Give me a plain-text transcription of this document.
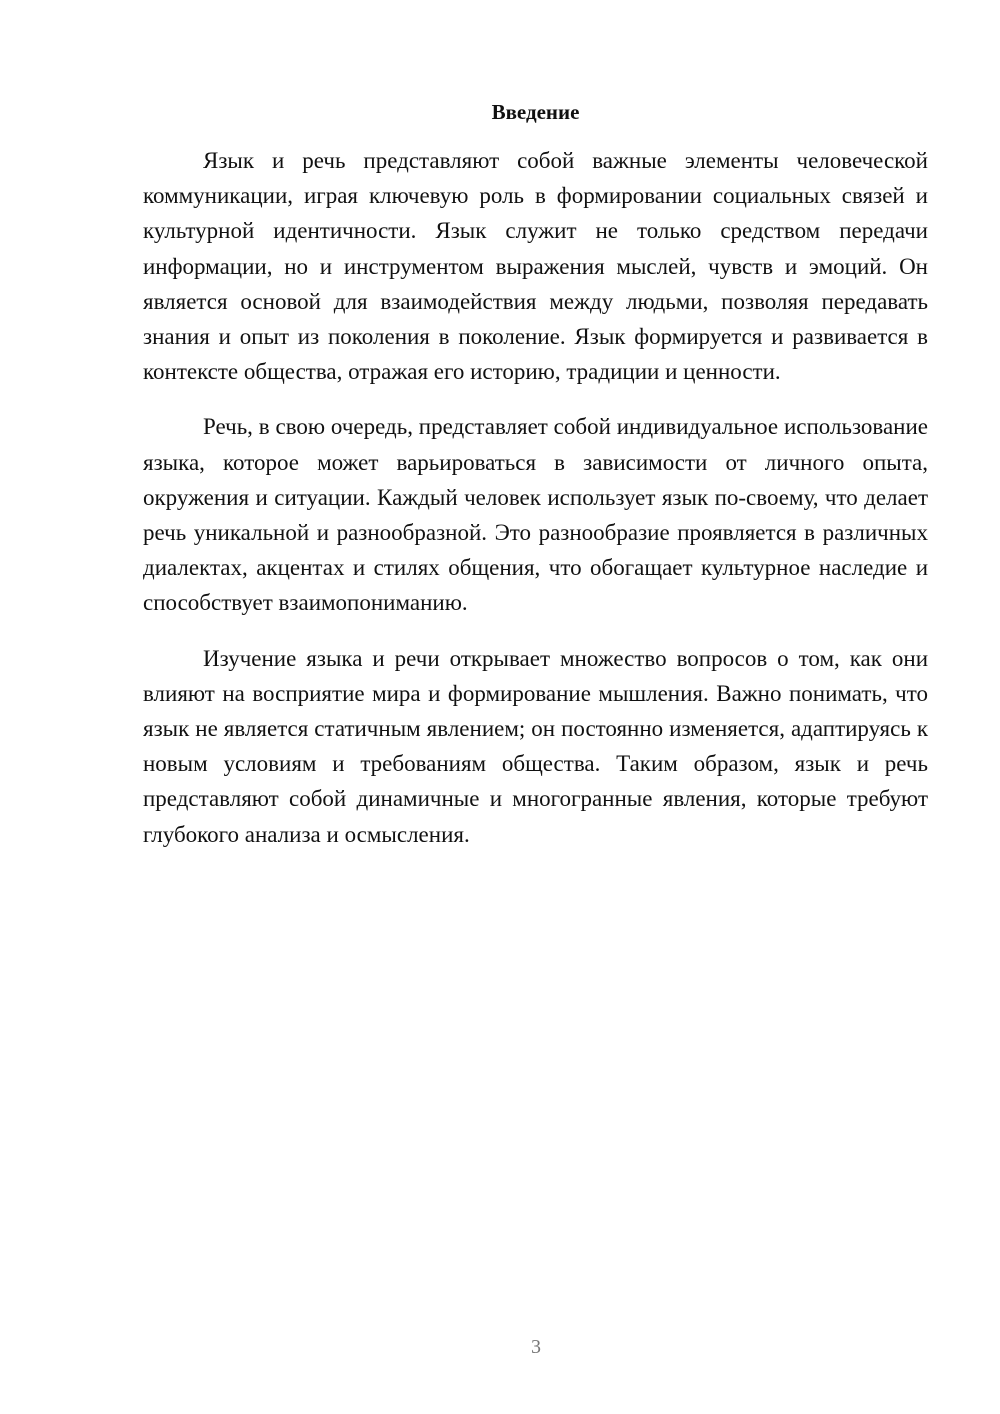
Введение

Язык и речь представляют собой важные элементы человеческой коммуникации, играя ключевую роль в формировании социальных связей и культурной идентичности. Язык служит не только средством передачи информации, но и инструментом выражения мыслей, чувств и эмоций. Он является основой для взаимодействия между людьми, позволяя передавать знания и опыт из поколения в поколение. Язык формируется и развивается в контексте общества, отражая его историю, традиции и ценности.

Речь, в свою очередь, представляет собой индивидуальное использование языка, которое может варьироваться в зависимости от личного опыта, окружения и ситуации. Каждый человек использует язык по-своему, что делает речь уникальной и разнообразной. Это разнообразие проявляется в различных диалектах, акцентах и стилях общения, что обогащает культурное наследие и способствует взаимопониманию.

Изучение языка и речи открывает множество вопросов о том, как они влияют на восприятие мира и формирование мышления. Важно понимать, что язык не является статичным явлением; он постоянно изменяется, адаптируясь к новым условиям и требованиям общества. Таким образом, язык и речь представляют собой динамичные и многогранные явления, которые требуют глубокого анализа и осмысления.

3
